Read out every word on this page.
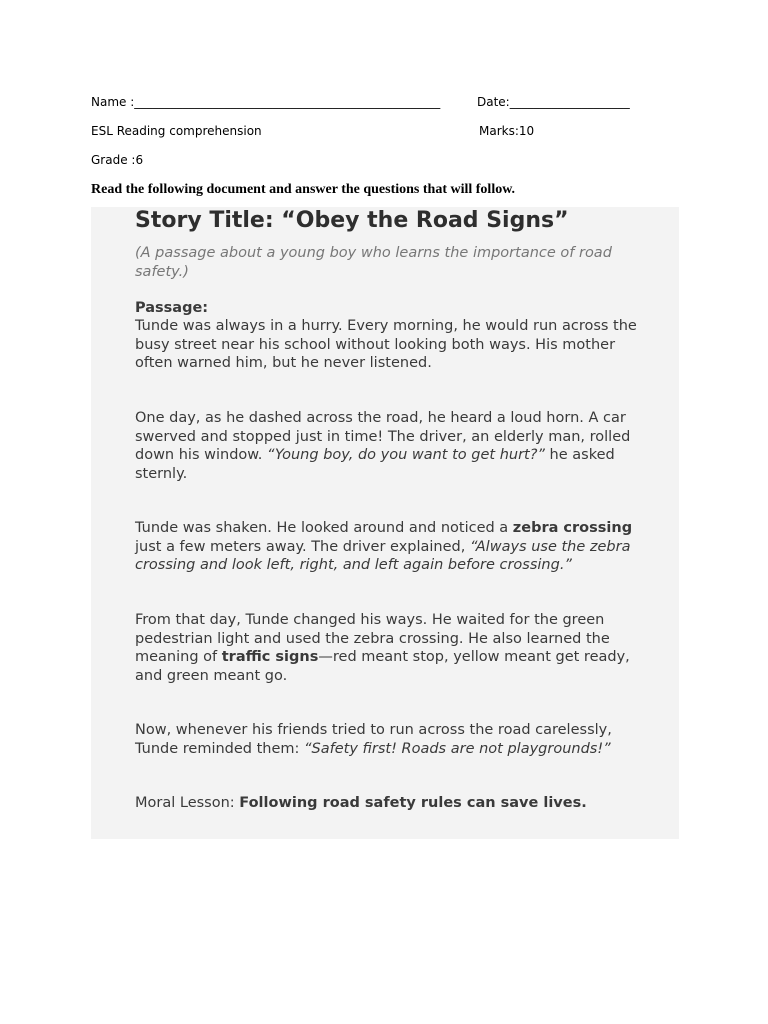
Name :___________________________________________________	Date:____________________
ESL Reading comprehension	Marks:10
Grade :6
Read the following document and answer the questions that will follow.
Story Title: “Obey the Road Signs”
(A passage about a young boy who learns the importance of road safety.)
Passage:

Tunde was always in a hurry. Every morning, he would run across the busy street near his school without looking both ways. His mother often warned him, but he never listened.

One day, as he dashed across the road, he heard a loud horn. A car swerved and stopped just in time! The driver, an elderly man, rolled down his window. “Young boy, do you want to get hurt?” he asked sternly.

Tunde was shaken. He looked around and noticed a zebra crossing just a few meters away. The driver explained, “Always use the zebra crossing and look left, right, and left again before crossing.”

From that day, Tunde changed his ways. He waited for the green pedestrian light and used the zebra crossing. He also learned the meaning of traffic signs—red meant stop, yellow meant get ready, and green meant go.

Now, whenever his friends tried to run across the road carelessly, Tunde reminded them: “Safety first! Roads are not playgrounds!”

Moral Lesson: Following road safety rules can save lives.
